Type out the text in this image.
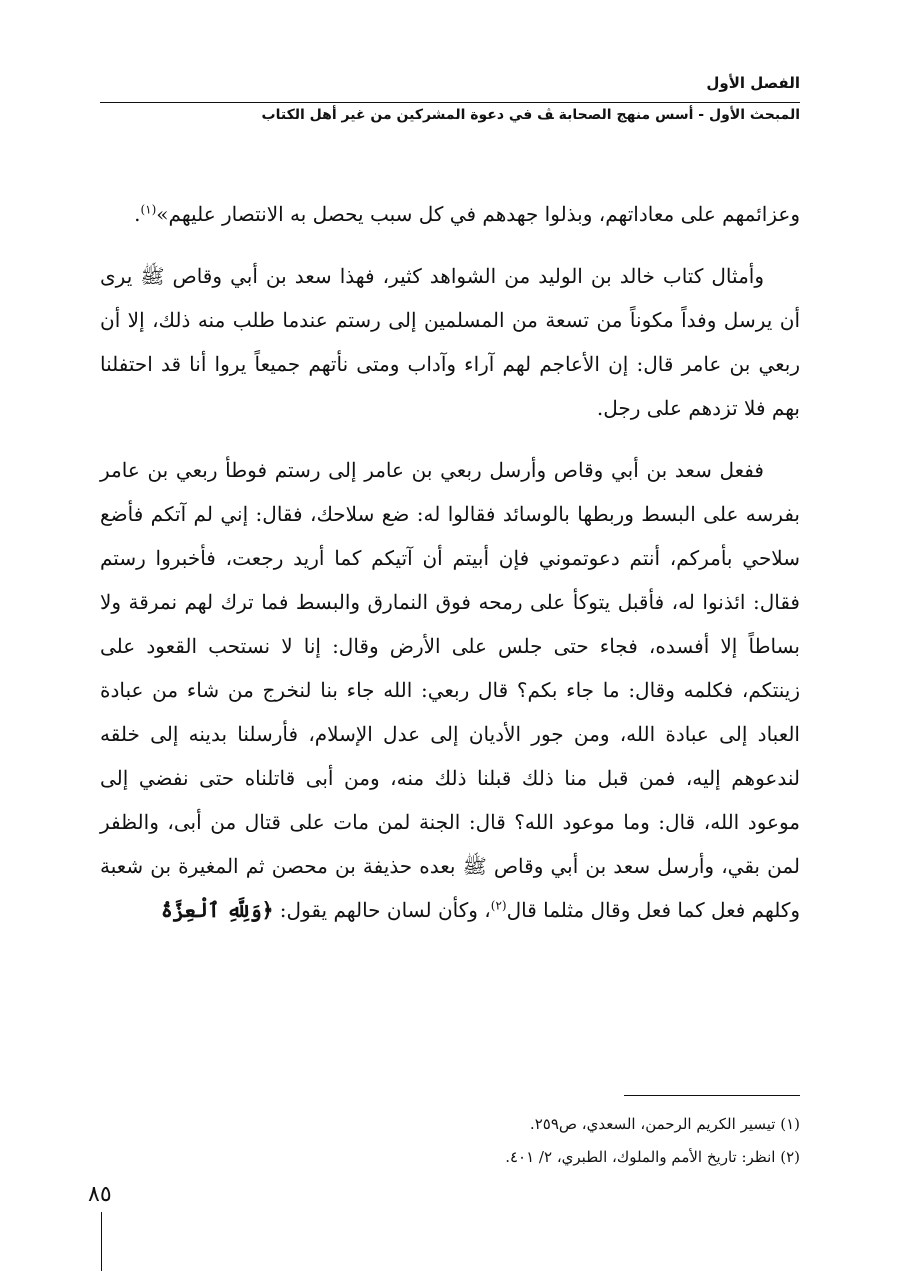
الفصل الأول
المبحث الأول - أسس منهج الصحابة ﭫ في دعوة المشركين من غير أهل الكتاب

وعزائمهم على معاداتهم، وبذلوا جهدهم في كل سبب يحصل به الانتصار عليهم»$^{(١)}$.

وأمثال كتاب خالد بن الوليد من الشواهد كثير، فهذا سعد بن أبي وقاص ﷺ يرى أن يرسل وفداً مكوناً من تسعة من المسلمين إلى رستم عندما طلب منه ذلك، إلا أن ربعي بن عامر قال: إن الأعاجم لهم آراء وآداب ومتى نأتهم جميعاً يروا أنا قد احتفلنا بهم فلا تزدهم على رجل.

ففعل سعد بن أبي وقاص وأرسل ربعي بن عامر إلى رستم فوطأ ربعي بن عامر بفرسه على البسط وربطها بالوسائد فقالوا له: ضع سلاحك، فقال: إني لم آتكم فأضع سلاحي بأمركم، أنتم دعوتموني فإن أبيتم أن آتيكم كما أريد رجعت، فأخبروا رستم فقال: ائذنوا له، فأقبل يتوكأ على رمحه فوق النمارق والبسط فما ترك لهم نمرقة ولا بساطاً إلا أفسده، فجاء حتى جلس على الأرض وقال: إنا لا نستحب القعود على زينتكم، فكلمه وقال: ما جاء بكم؟ قال ربعي: الله جاء بنا لنخرج من شاء من عبادة العباد إلى عبادة الله، ومن جور الأديان إلى عدل الإسلام، فأرسلنا بدينه إلى خلقه لندعوهم إليه، فمن قبل منا ذلك قبلنا ذلك منه، ومن أبى قاتلناه حتى نفضي إلى موعود الله، قال: وما موعود الله؟ قال: الجنة لمن مات على قتال من أبى، والظفر لمن بقي، وأرسل سعد بن أبي وقاص ﷺ بعده حذيفة بن محصن ثم المغيرة بن شعبة وكلهم فعل كما فعل وقال مثلما قال$^{(٢)}$، وكأن لسان حالهم يقول: ﴿وَلِلَّهِ ٱلْعِزَّةُ

(١) تيسير الكريم الرحمن، السعدي، ص٢٥٩.
(٢) انظر: تاريخ الأمم والملوك، الطبري، ٢/ ٤٠١.
٨٥
